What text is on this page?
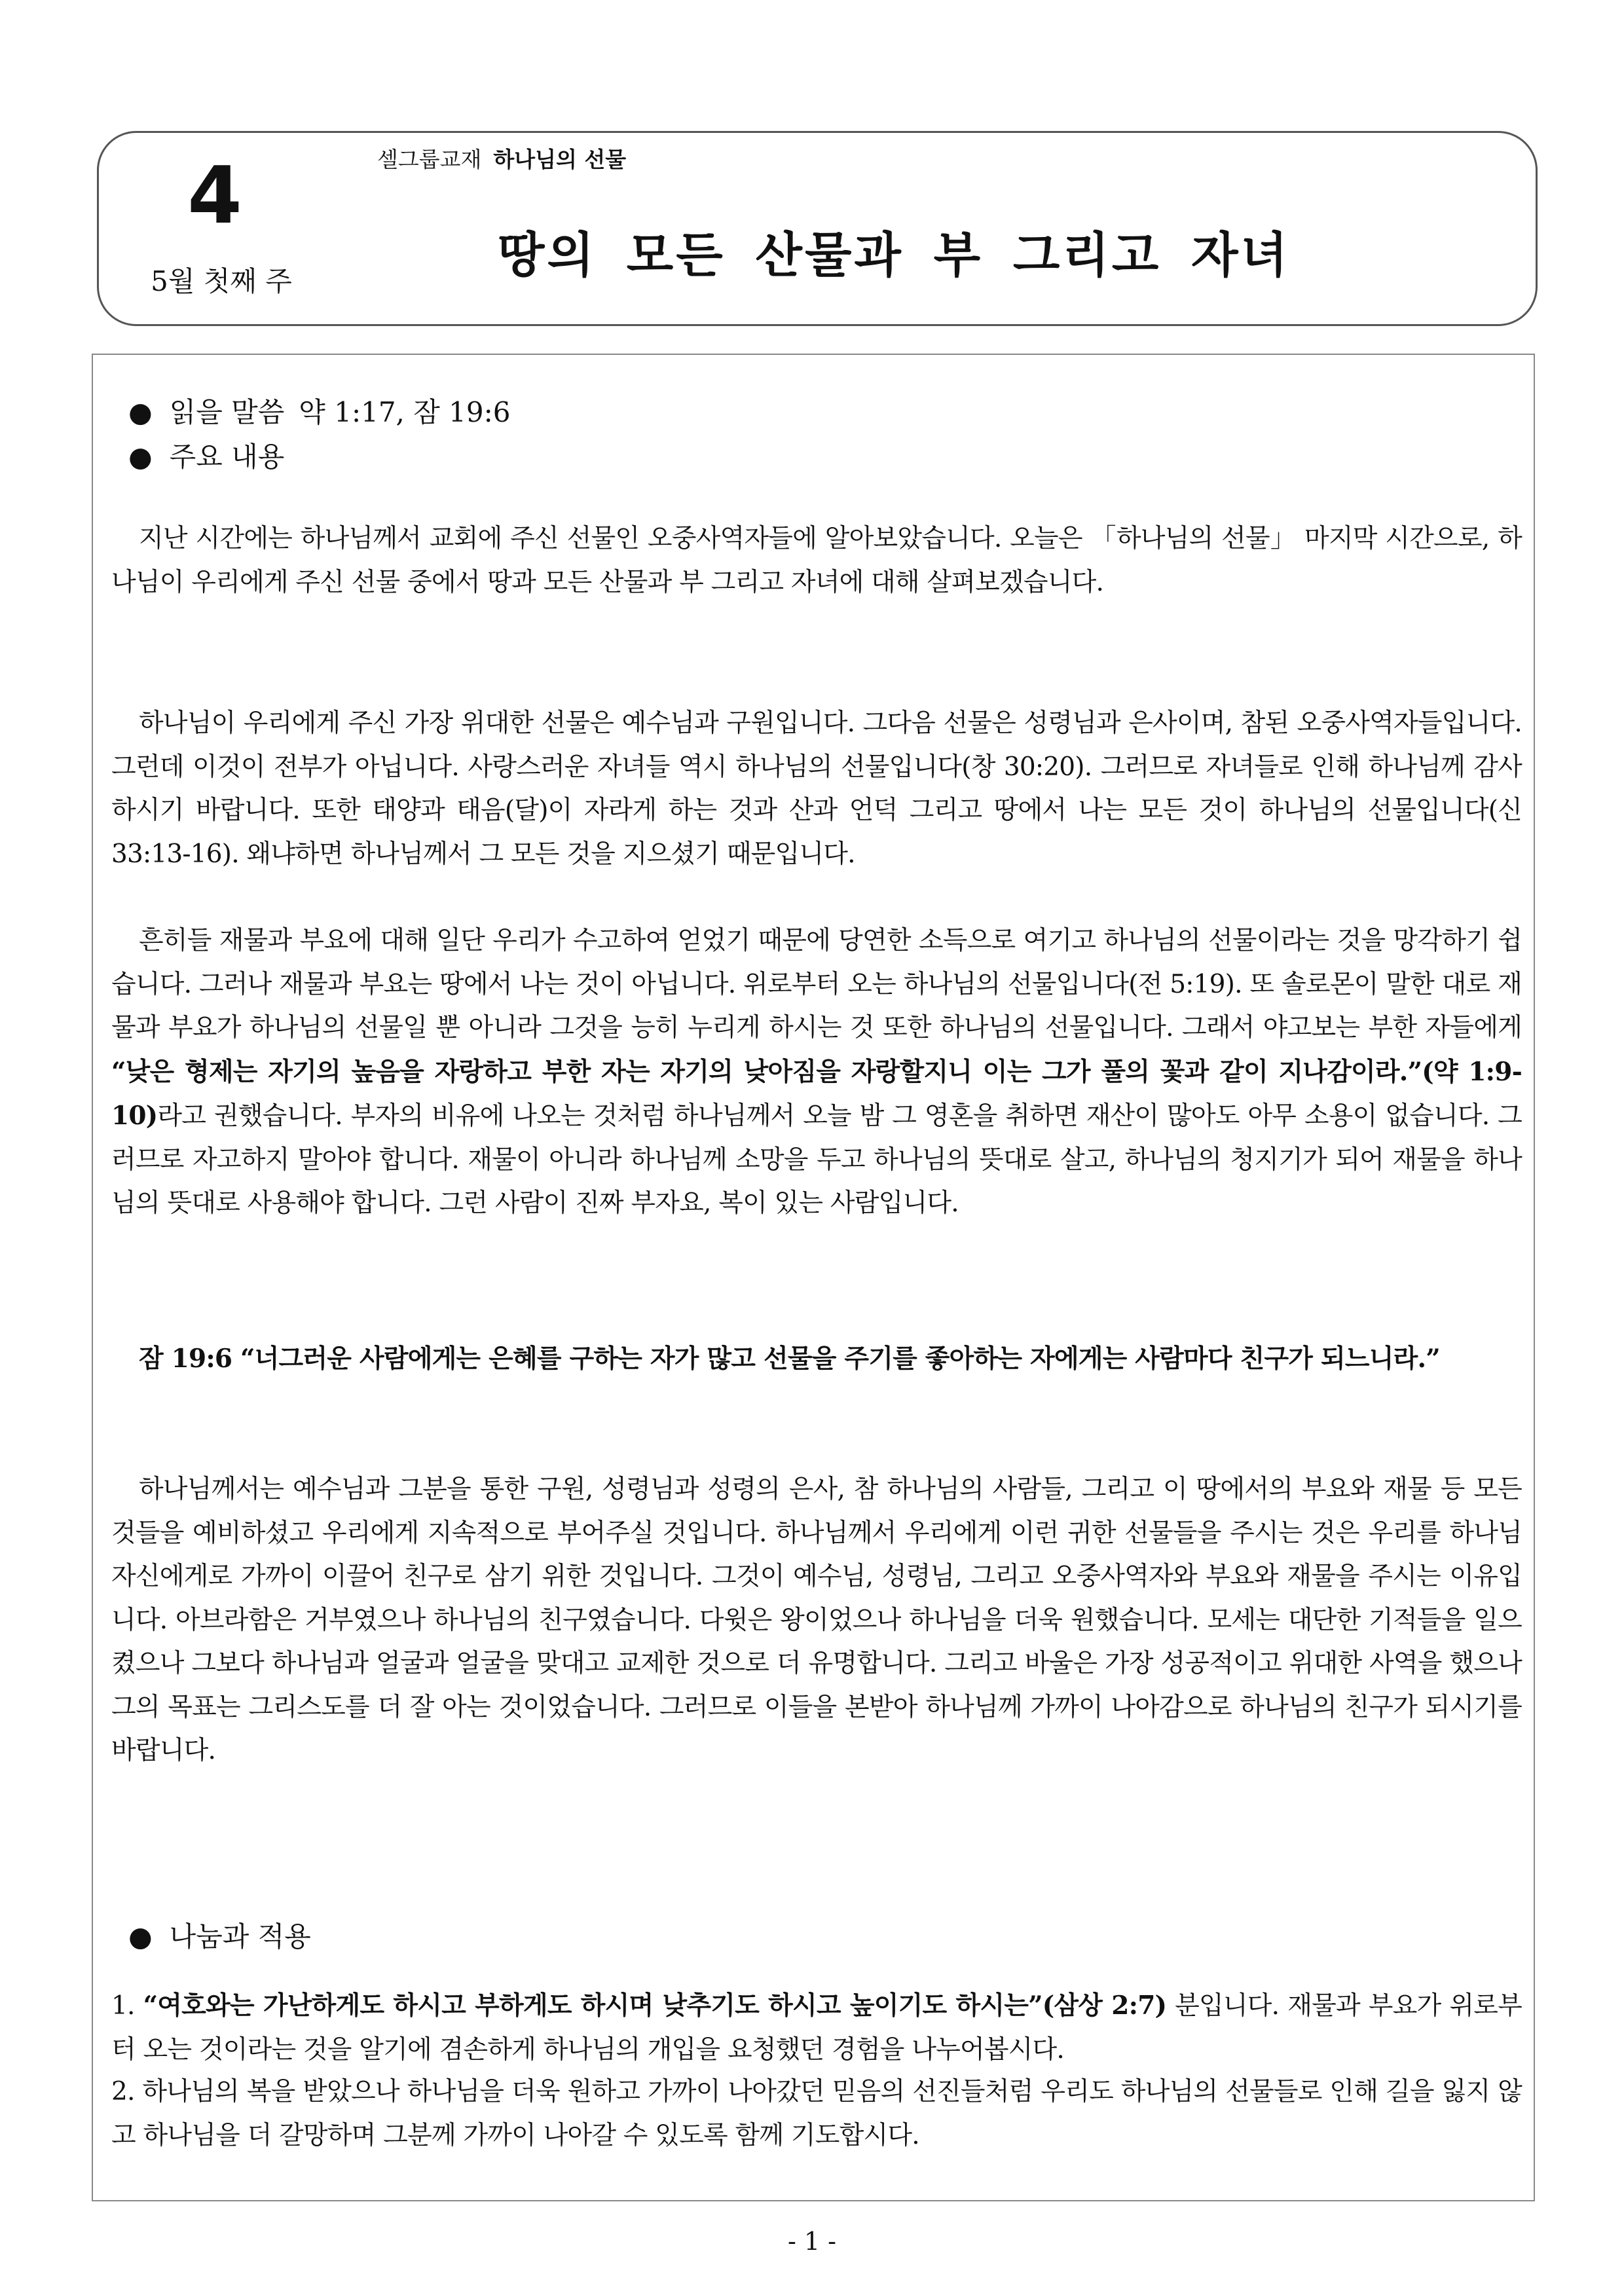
4
5월 첫째 주
셀그룹교재 하나님의 선물
땅의 모든 산물과 부 그리고 자녀
● 읽을 말씀 약 1:17, 잠 19:6
● 주요 내용

지난 시간에는 하나님께서 교회에 주신 선물인 오중사역자들에 알아보았습니다. 오늘은 「하나님의 선물」 마지막 시간으로, 하나님이 우리에게 주신 선물 중에서 땅과 모든 산물과 부 그리고 자녀에 대해 살펴보겠습니다.

하나님이 우리에게 주신 가장 위대한 선물은 예수님과 구원입니다. 그다음 선물은 성령님과 은사이며, 참된 오중사역자들입니다. 그런데 이것이 전부가 아닙니다. 사랑스러운 자녀들 역시 하나님의 선물입니다(창 30:20). 그러므로 자녀들로 인해 하나님께 감사하시기 바랍니다. 또한 태양과 태음(달)이 자라게 하는 것과 산과 언덕 그리고 땅에서 나는 모든 것이 하나님의 선물입니다(신 33:13-16). 왜냐하면 하나님께서 그 모든 것을 지으셨기 때문입니다.

흔히들 재물과 부요에 대해 일단 우리가 수고하여 얻었기 때문에 당연한 소득으로 여기고 하나님의 선물이라는 것을 망각하기 쉽습니다. 그러나 재물과 부요는 땅에서 나는 것이 아닙니다. 위로부터 오는 하나님의 선물입니다(전 5:19). 또 솔로몬이 말한 대로 재물과 부요가 하나님의 선물일 뿐 아니라 그것을 능히 누리게 하시는 것 또한 하나님의 선물입니다. 그래서 야고보는 부한 자들에게 “낮은 형제는 자기의 높음을 자랑하고 부한 자는 자기의 낮아짐을 자랑할지니 이는 그가 풀의 꽃과 같이 지나감이라.”(약 1:9-10)라고 권했습니다. 부자의 비유에 나오는 것처럼 하나님께서 오늘 밤 그 영혼을 취하면 재산이 많아도 아무 소용이 없습니다. 그러므로 자고하지 말아야 합니다. 재물이 아니라 하나님께 소망을 두고 하나님의 뜻대로 살고, 하나님의 청지기가 되어 재물을 하나님의 뜻대로 사용해야 합니다. 그런 사람이 진짜 부자요, 복이 있는 사람입니다.

잠 19:6 “너그러운 사람에게는 은혜를 구하는 자가 많고 선물을 주기를 좋아하는 자에게는 사람마다 친구가 되느니라.”

하나님께서는 예수님과 그분을 통한 구원, 성령님과 성령의 은사, 참 하나님의 사람들, 그리고 이 땅에서의 부요와 재물 등 모든 것들을 예비하셨고 우리에게 지속적으로 부어주실 것입니다. 하나님께서 우리에게 이런 귀한 선물들을 주시는 것은 우리를 하나님 자신에게로 가까이 이끌어 친구로 삼기 위한 것입니다. 그것이 예수님, 성령님, 그리고 오중사역자와 부요와 재물을 주시는 이유입니다. 아브라함은 거부였으나 하나님의 친구였습니다. 다윗은 왕이었으나 하나님을 더욱 원했습니다. 모세는 대단한 기적들을 일으켰으나 그보다 하나님과 얼굴과 얼굴을 맞대고 교제한 것으로 더 유명합니다. 그리고 바울은 가장 성공적이고 위대한 사역을 했으나 그의 목표는 그리스도를 더 잘 아는 것이었습니다. 그러므로 이들을 본받아 하나님께 가까이 나아감으로 하나님의 친구가 되시기를 바랍니다.

● 나눔과 적용

1. “여호와는 가난하게도 하시고 부하게도 하시며 낮추기도 하시고 높이기도 하시는”(삼상 2:7) 분입니다. 재물과 부요가 위로부터 오는 것이라는 것을 알기에 겸손하게 하나님의 개입을 요청했던 경험을 나누어봅시다.

2. 하나님의 복을 받았으나 하나님을 더욱 원하고 가까이 나아갔던 믿음의 선진들처럼 우리도 하나님의 선물들로 인해 길을 잃지 않고 하나님을 더 갈망하며 그분께 가까이 나아갈 수 있도록 함께 기도합시다.

- 1 -
